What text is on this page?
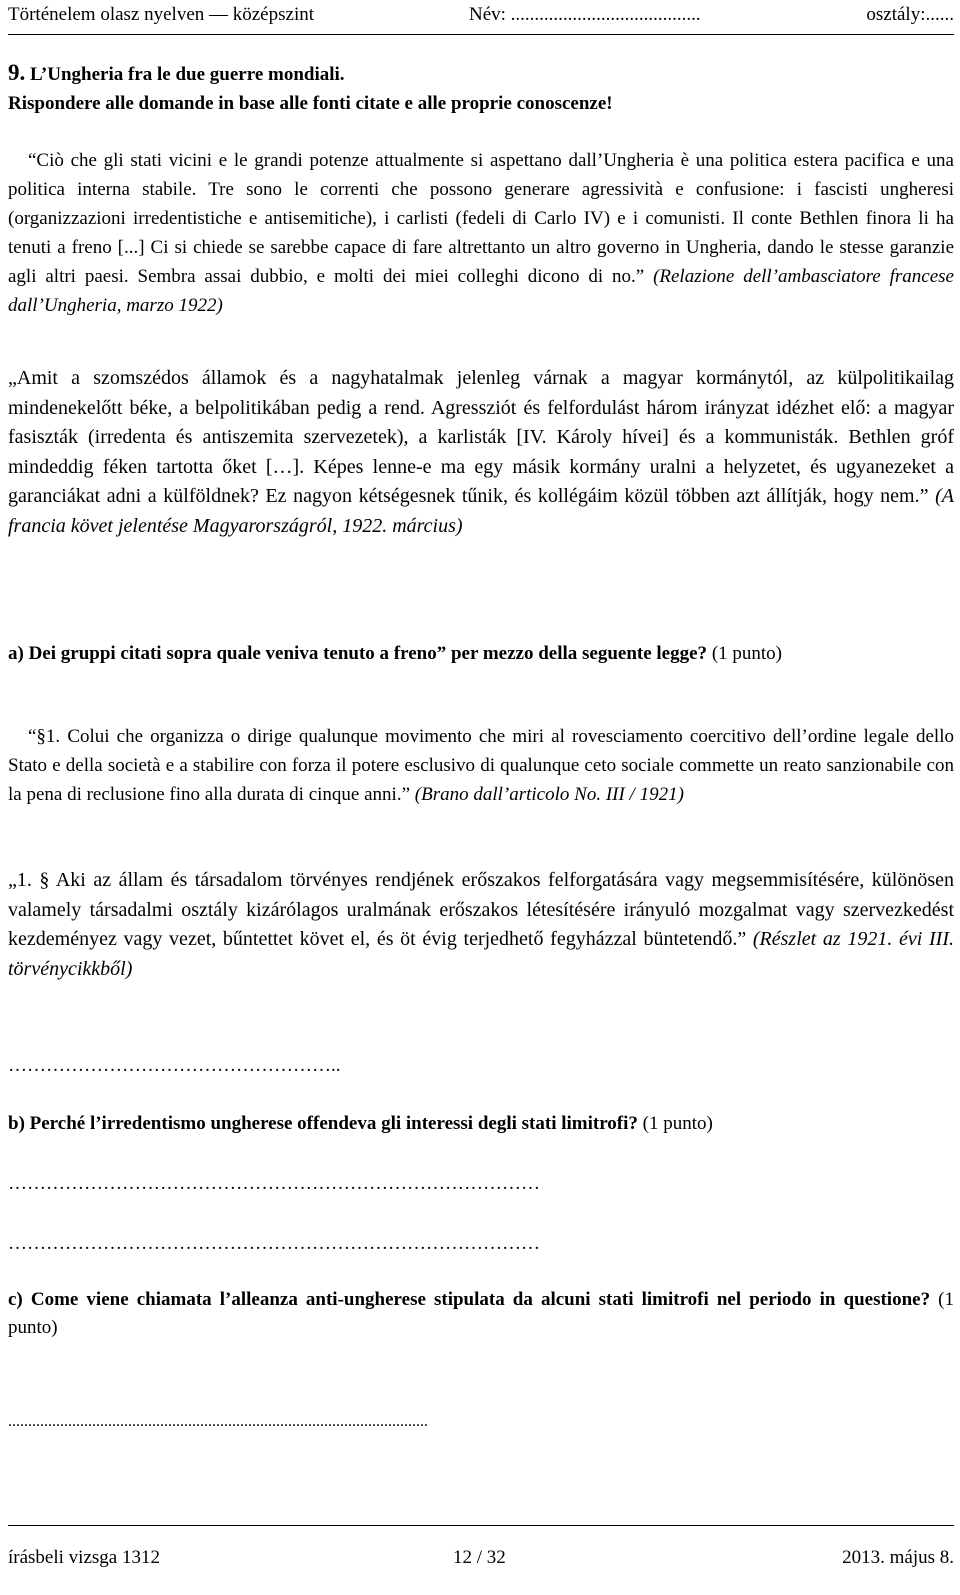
Történelem olasz nyelven — középszint	Név: ........................................	osztály:......
9. L’Ungheria fra le due guerre mondiali.
Rispondere alle domande in base alle fonti citate e alle proprie conoscenze!
“Ciò che gli stati vicini e le grandi potenze attualmente si aspettano dall’Ungheria è una politica estera pacifica e una politica interna stabile. Tre sono le correnti che possono generare agressività e confusione: i fascisti ungheresi (organizzazioni irredentistiche e antisemitiche), i carlisti (fedeli di Carlo IV) e i comunisti. Il conte Bethlen finora li ha tenuti a freno [...] Ci si chiede se sarebbe capace di fare altrettanto un altro governo in Ungheria, dando le stesse garanzie agli altri paesi. Sembra assai dubbio, e molti dei miei colleghi dicono di no.” (Relazione dell’ambasciatore francese dall’Ungheria, marzo 1922)
„Amit a szomszédos államok és a nagyhatalmak jelenleg várnak a magyar kormánytól, az külpolitikailag mindenekelőtt béke, a belpolitikában pedig a rend. Agressziót és felfordulást három irányzat idézhet elő: a magyar fasiszták (irredenta és antiszemita szervezetek), a karlisták [IV. Károly hívei] és a kommunisták. Bethlen gróf mindeddig féken tartotta őket […]. Képes lenne-e ma egy másik kormány uralni a helyzetet, és ugyanezeket a garanciákat adni a külföldnek? Ez nagyon kétségesnek tűnik, és kollégáim közül többen azt állítják, hogy nem.” (A francia követ jelentése Magyarországról, 1922. március)
a) Dei gruppi citati sopra quale veniva tenuto a freno” per mezzo della seguente legge? (1 punto)
“§1. Colui che organizza o dirige qualunque movimento che miri al rovesciamento coercitivo dell’ordine legale dello Stato e della società e a stabilire con forza il potere esclusivo di qualunque ceto sociale commette un reato sanzionabile con la pena di reclusione fino alla durata di cinque anni.” (Brano dall’articolo No. III / 1921)
„1. § Aki az állam és társadalom törvényes rendjének erőszakos felforgatására vagy megsemmisítésére, különösen valamely társadalmi osztály kizárólagos uralmának erőszakos létesítésére irányuló mozgalmat vagy szervezkedést kezdeményez vagy vezet, bűntettet követ el, és öt évig terjedhető fegyházzal büntetendő.” (Részlet az 1921. évi III. törvénycikkből)
……………………………………………..
b) Perché l’irredentismo ungherese offendeva gli interessi degli stati limitrofi? (1 punto)
…………………………………………………………………………
…………………………………………………………………………
c) Come viene chiamata l’alleanza anti-ungherese stipulata da alcuni stati limitrofi nel periodo in questione? (1 punto)
.........................................................................................................
írásbeli vizsga 1312	12 / 32	2013. május 8.
